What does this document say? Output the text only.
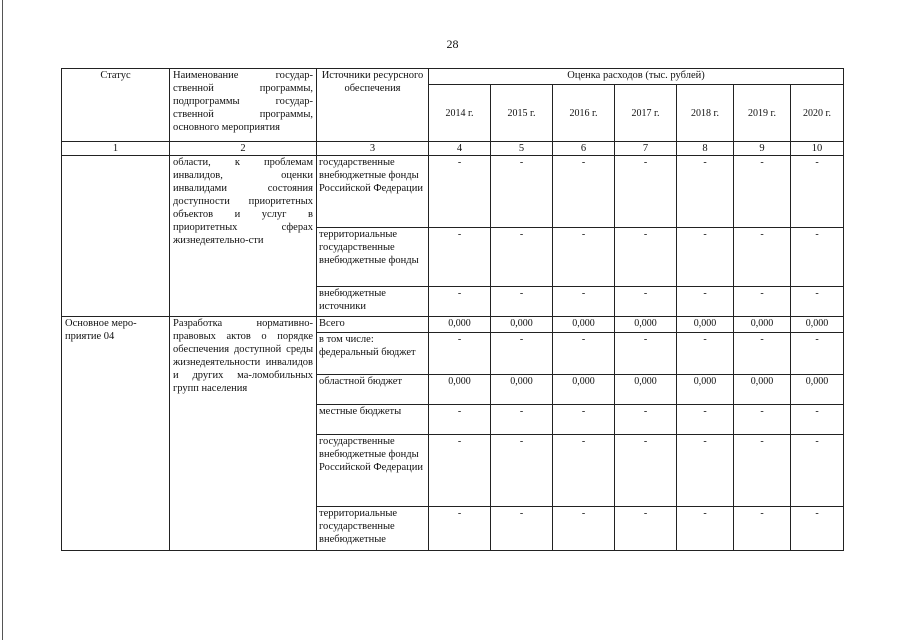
28
Статус	Наименование государ-ственной программы, подпрограммы государ-ственной программы, основного мероприятия	Источники ресурсного обеспечения	Оценка расходов (тыс. рублей)						
			2014 г.	2015 г.	2016 г.	2017 г.	2018 г.	2019 г.	2020 г.
1	2	3	4	5	6	7	8	9	10
	области, к проблемам инвалидов, оценки инвалидами состояния доступности приоритетных объектов и услуг в приоритетных сферах жизнедеятельно-сти	государственные внебюджетные фонды Российской Федерации	-	-	-	-	-	-	-
		территориальные государственные внебюджетные фонды	-	-	-	-	-	-	-
		внебюджетные источники	-	-	-	-	-	-	-
Основное меро-приятие 04	Разработка нормативно-правовых актов о порядке обеспечения доступной среды жизнедеятельности инвалидов и других ма-ломобильных групп населения	Всего	0,000	0,000	0,000	0,000	0,000	0,000	0,000
		в том числе: федеральный бюджет	-	-	-	-	-	-	-
		областной бюджет	0,000	0,000	0,000	0,000	0,000	0,000	0,000
		местные бюджеты	-	-	-	-	-	-	-
		государственные внебюджетные фонды Российской Федерации	-	-	-	-	-	-	-
		территориальные государственные внебюджетные	-	-	-	-	-	-	-
